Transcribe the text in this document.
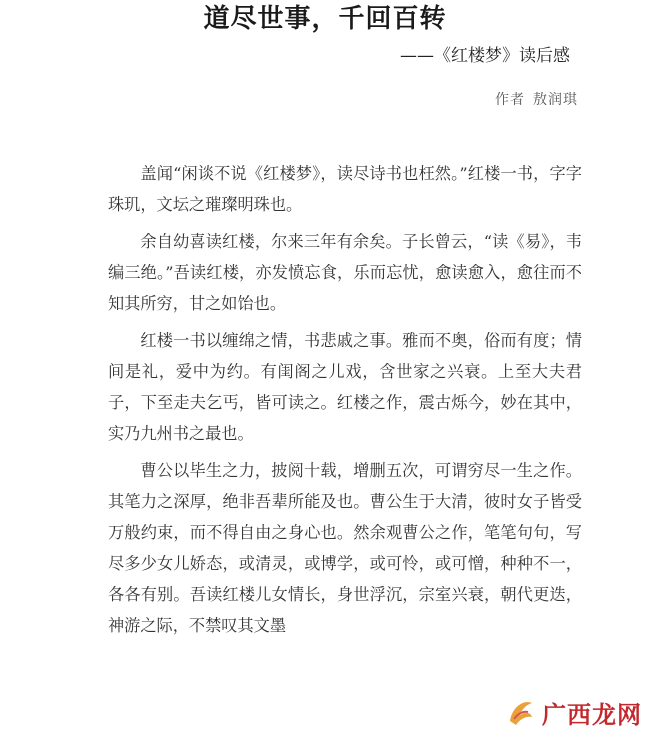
道尽世事，千回百转
——《红楼梦》读后感
作者 敖润琪

盖闻“闲谈不说《红楼梦》，读尽诗书也枉然。”红楼一书，字字珠玑，文坛之璀璨明珠也。

余自幼喜读红楼，尔来三年有余矣。子长曾云，“读《易》，韦编三绝。”吾读红楼，亦发愤忘食，乐而忘忧，愈读愈入，愈往而不知其所穷，甘之如饴也。

红楼一书以缠绵之情，书悲戚之事。雅而不奥，俗而有度；情间是礼，爱中为约。有闺阁之儿戏，含世家之兴衰。上至大夫君子，下至走夫乞丐，皆可读之。红楼之作，震古烁今，妙在其中，实乃九州书之最也。

曹公以毕生之力，披阅十载，增删五次，可谓穷尽一生之作。其笔力之深厚，绝非吾辈所能及也。曹公生于大清，彼时女子皆受万般约束，而不得自由之身心也。然余观曹公之作，笔笔句句，写尽多少女儿娇态，或清灵，或博学，或可怜，或可憎，种种不一，各各有别。吾读红楼儿女情长，身世浮沉，宗室兴衰，朝代更迭，神游之际，不禁叹其文墨

广西龙网
